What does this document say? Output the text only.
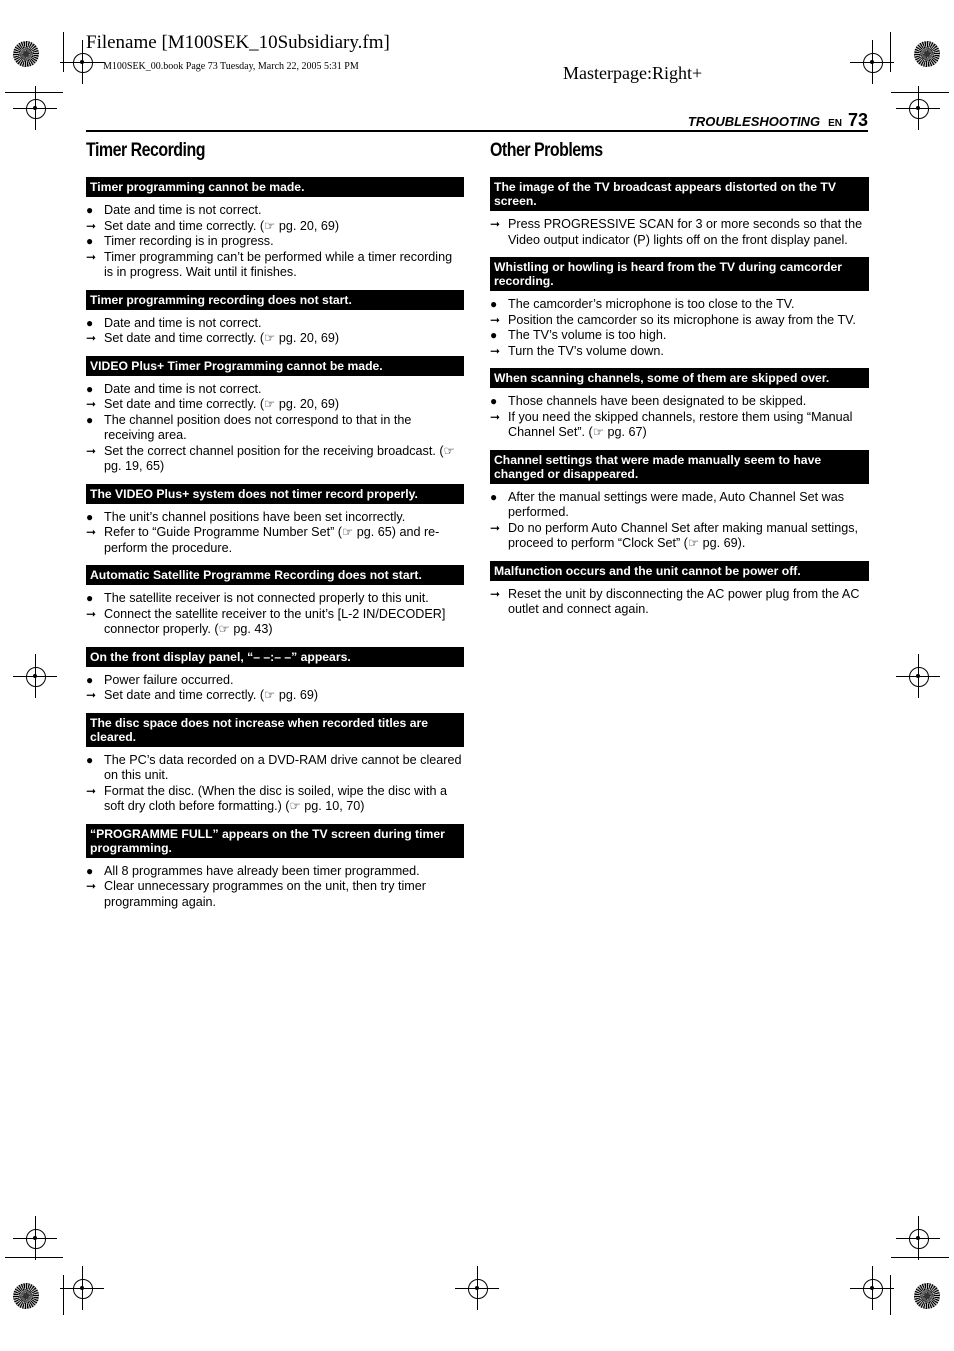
Filename [M100SEK_10Subsidiary.fm]
M100SEK_00.book Page 73 Tuesday, March 22, 2005 5:31 PM	Masterpage:Right+
TROUBLESHOOTING EN 73
Timer Recording
Timer programming cannot be made.
● Date and time is not correct.
➞ Set date and time correctly. (☞ pg. 20, 69)
● Timer recording is in progress.
➞ Timer programming can’t be performed while a timer recording is in progress. Wait until it finishes.
Timer programming recording does not start.
● Date and time is not correct.
➞ Set date and time correctly. (☞ pg. 20, 69)
VIDEO Plus+ Timer Programming cannot be made.
● Date and time is not correct.
➞ Set date and time correctly. (☞ pg. 20, 69)
● The channel position does not correspond to that in the receiving area.
➞ Set the correct channel position for the receiving broadcast. (☞ pg. 19, 65)
The VIDEO Plus+ system does not timer record properly.
● The unit’s channel positions have been set incorrectly.
➞ Refer to “Guide Programme Number Set” (☞ pg. 65) and re-perform the procedure.
Automatic Satellite Programme Recording does not start.
● The satellite receiver is not connected properly to this unit.
➞ Connect the satellite receiver to the unit’s [L-2 IN/DECODER] connector properly. (☞ pg. 43)
On the front display panel, “– –:– –” appears.
● Power failure occurred.
➞ Set date and time correctly. (☞ pg. 69)
The disc space does not increase when recorded titles are cleared.
● The PC’s data recorded on a DVD-RAM drive cannot be cleared on this unit.
➞ Format the disc. (When the disc is soiled, wipe the disc with a soft dry cloth before formatting.) (☞ pg. 10, 70)
“PROGRAMME FULL” appears on the TV screen during timer programming.
● All 8 programmes have already been timer programmed.
➞ Clear unnecessary programmes on the unit, then try timer programming again.
Other Problems
The image of the TV broadcast appears distorted on the TV screen.
➞ Press PROGRESSIVE SCAN for 3 or more seconds so that the Video output indicator (P) lights off on the front display panel.
Whistling or howling is heard from the TV during camcorder recording.
● The camcorder’s microphone is too close to the TV.
➞ Position the camcorder so its microphone is away from the TV.
● The TV’s volume is too high.
➞ Turn the TV’s volume down.
When scanning channels, some of them are skipped over.
● Those channels have been designated to be skipped.
➞ If you need the skipped channels, restore them using “Manual Channel Set”. (☞ pg. 67)
Channel settings that were made manually seem to have changed or disappeared.
● After the manual settings were made, Auto Channel Set was performed.
➞ Do no perform Auto Channel Set after making manual settings, proceed to perform “Clock Set” (☞ pg. 69).
Malfunction occurs and the unit cannot be power off.
➞ Reset the unit by disconnecting the AC power plug from the AC outlet and connect again.
